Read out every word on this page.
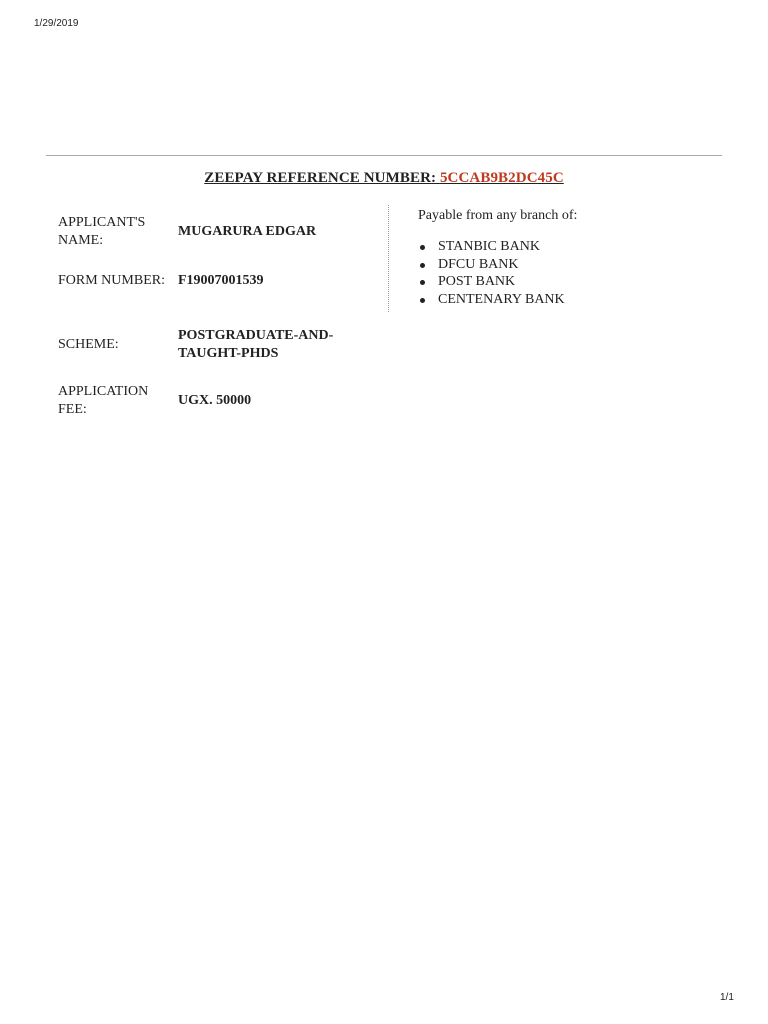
1/29/2019
ZEEPAY REFERENCE NUMBER: 5CCAB9B2DC45C
APPLICANT'S NAME:
MUGARURA EDGAR
FORM NUMBER: F19007001539
SCHEME:
POSTGRADUATE-AND-TAUGHT-PHDS
APPLICATION FEE:
UGX. 50000
Payable from any branch of:
STANBIC BANK
DFCU BANK
POST BANK
CENTENARY BANK
1/1
